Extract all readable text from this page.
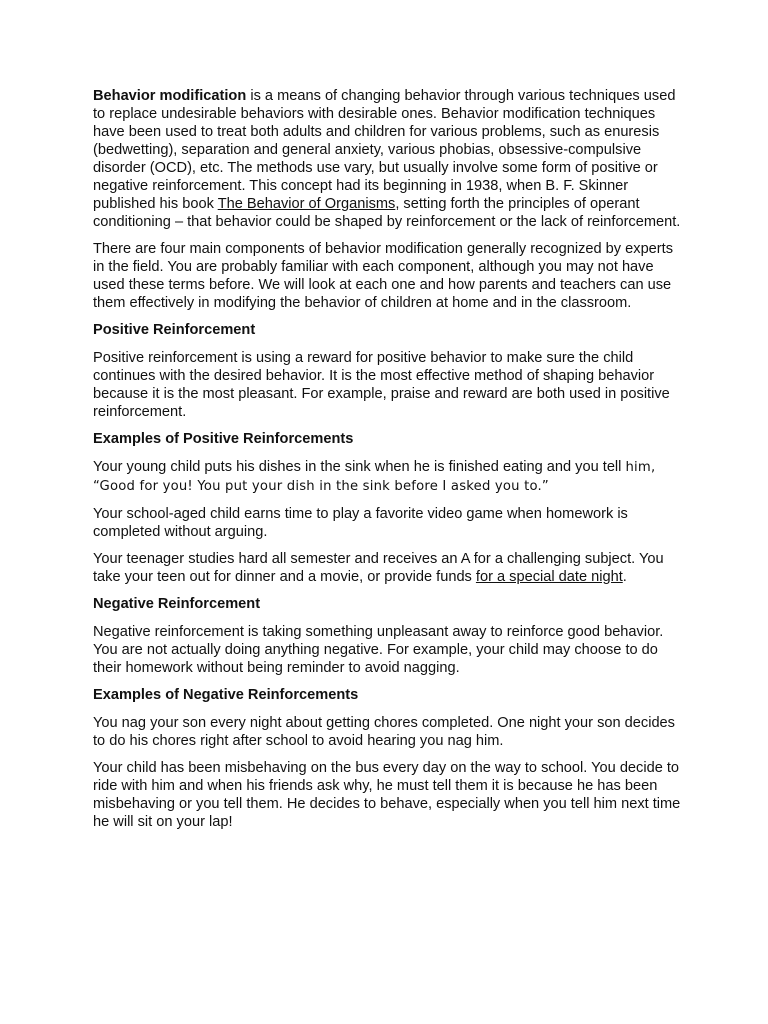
Behavior modification is a means of changing behavior through various techniques used to replace undesirable behaviors with desirable ones. Behavior modification techniques have been used to treat both adults and children for various problems, such as enuresis (bedwetting), separation and general anxiety, various phobias, obsessive-compulsive disorder (OCD), etc. The methods use vary, but usually involve some form of positive or negative reinforcement. This concept had its beginning in 1938, when B. F. Skinner published his book The Behavior of Organisms, setting forth the principles of operant conditioning – that behavior could be shaped by reinforcement or the lack of reinforcement.

There are four main components of behavior modification generally recognized by experts in the field. You are probably familiar with each component, although you may not have used these terms before. We will look at each one and how parents and teachers can use them effectively in modifying the behavior of children at home and in the classroom.

Positive Reinforcement

Positive reinforcement is using a reward for positive behavior to make sure the child continues with the desired behavior. It is the most effective method of shaping behavior because it is the most pleasant. For example, praise and reward are both used in positive reinforcement.

Examples of Positive Reinforcements

Your young child puts his dishes in the sink when he is finished eating and you tell him, “Good for you! You put your dish in the sink before I asked you to.”

Your school-aged child earns time to play a favorite video game when homework is completed without arguing.

Your teenager studies hard all semester and receives an A for a challenging subject. You take your teen out for dinner and a movie, or provide funds for a special date night.

Negative Reinforcement

Negative reinforcement is taking something unpleasant away to reinforce good behavior. You are not actually doing anything negative. For example, your child may choose to do their homework without being reminder to avoid nagging.

Examples of Negative Reinforcements

You nag your son every night about getting chores completed. One night your son decides to do his chores right after school to avoid hearing you nag him.

Your child has been misbehaving on the bus every day on the way to school. You decide to ride with him and when his friends ask why, he must tell them it is because he has been misbehaving or you tell them. He decides to behave, especially when you tell him next time he will sit on your lap!
